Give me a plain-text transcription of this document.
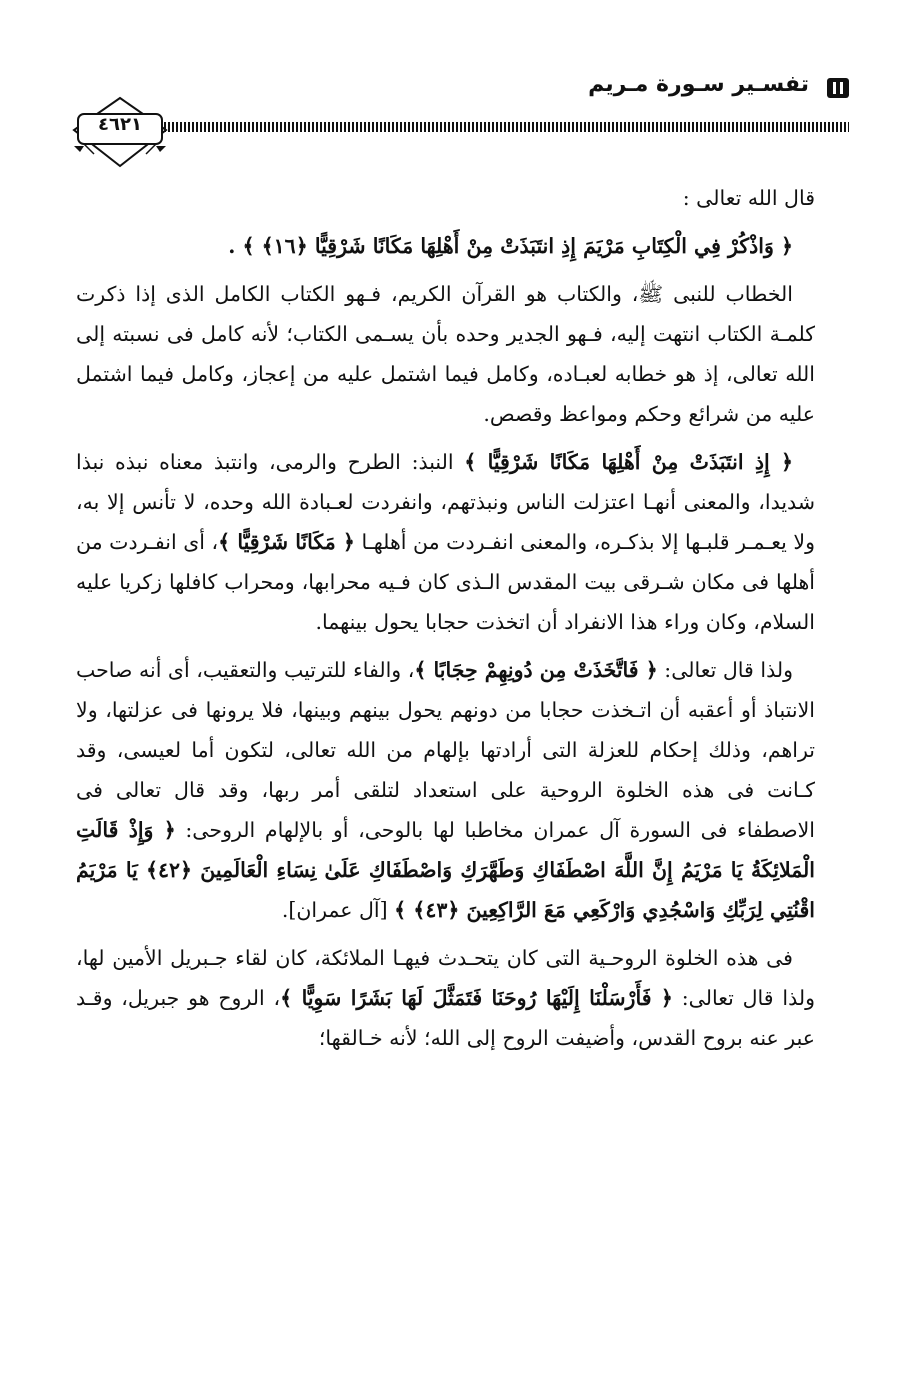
تفسـير سـورة مـريم
٤٦٢١

قال الله تعالى :

﴿ وَاذْكُرْ فِي الْكِتَابِ مَرْيَمَ إِذِ انتَبَذَتْ مِنْ أَهْلِهَا مَكَانًا شَرْقِيًّا ﴿١٦﴾ ﴾ .

الخطاب للنبى ﷺ، والكتاب هو القرآن الكريم، فـهو الكتاب الكامل الذى إذا ذكرت كلمـة الكتاب انتهت إليه، فـهو الجدير وحده بأن يسـمى الكتاب؛ لأنه كامل فى نسبته إلى الله تعالى، إذ هو خطابه لعبـاده، وكامل فيما اشتمل عليه من إعجاز، وكامل فيما اشتمل عليه من شرائع وحكم ومواعظ وقصص.

﴿ إِذِ انتَبَذَتْ مِنْ أَهْلِهَا مَكَانًا شَرْقِيًّا ﴾ النبذ: الطرح والرمى، وانتبذ معناه نبذه نبذا شديدا، والمعنى أنهـا اعتزلت الناس ونبذتهم، وانفردت لعـبادة الله وحده، لا تأنس إلا به، ولا يعـمـر قلبـها إلا بذكـره، والمعنى انفـردت من أهلهـا ﴿ مَكَانًا شَرْقِيًّا ﴾، أى انفـردت من أهلها فى مكان شـرقى بيت المقدس الـذى كان فـيه محرابها، ومحراب كافلها زكريا عليه السلام، وكان وراء هذا الانفراد أن اتخذت حجابا يحول بينهما.

ولذا قال تعالى: ﴿ فَاتَّخَذَتْ مِن دُونِهِمْ حِجَابًا ﴾، والفاء للترتيب والتعقيب، أى أنه صاحب الانتباذ أو أعقبه أن اتـخذت حجابا من دونهم يحول بينهم وبينها، فلا يرونها فى عزلتها، ولا تراهم، وذلك إحكام للعزلة التى أرادتها بإلهام من الله تعالى، لتكون أما لعيسى، وقد كـانت فى هذه الخلوة الروحية على استعداد لتلقى أمر ربها، وقد قال تعالى فى الاصطفاء فى السورة آل عمران مخاطبا لها بالوحى، أو بالإلهام الروحى: ﴿ وَإِذْ قَالَتِ الْمَلائِكَةُ يَا مَرْيَمُ إِنَّ اللَّهَ اصْطَفَاكِ وَطَهَّرَكِ وَاصْطَفَاكِ عَلَىٰ نِسَاءِ الْعَالَمِينَ ﴿٤٢﴾ يَا مَرْيَمُ اقْنُتِي لِرَبِّكِ وَاسْجُدِي وَارْكَعِي مَعَ الرَّاكِعِينَ ﴿٤٣﴾ ﴾ [آل عمران].

فى هذه الخلوة الروحـية التى كان يتحـدث فيهـا الملائكة، كان لقاء جـبريل الأمين لها، ولذا قال تعالى: ﴿ فَأَرْسَلْنَا إِلَيْهَا رُوحَنَا فَتَمَثَّلَ لَهَا بَشَرًا سَوِيًّا ﴾، الروح هو جبريل، وقـد عبر عنه بروح القدس، وأضيفت الروح إلى الله؛ لأنه خـالقها؛
